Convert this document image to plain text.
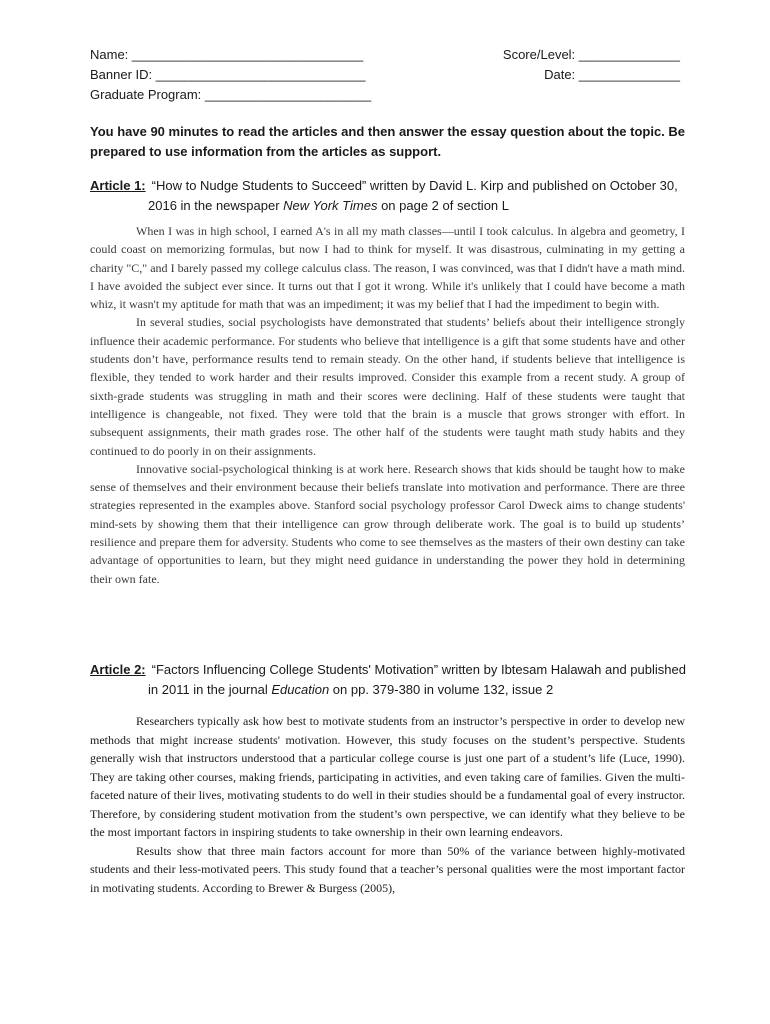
Name: ________________________________
Banner ID: _____________________________
Graduate Program: _______________________
Score/Level: ______________
Date: ______________
You have 90 minutes to read the articles and then answer the essay question about the topic. Be prepared to use information from the articles as support.
Article 1: “How to Nudge Students to Succeed” written by David L. Kirp and published on October 30,
2016 in the newspaper New York Times on page 2 of section L

When I was in high school, I earned A's in all my math classes—until I took calculus. In algebra and geometry, I could coast on memorizing formulas, but now I had to think for myself. It was disastrous, culminating in my getting a charity "C," and I barely passed my college calculus class. The reason, I was convinced, was that I didn't have a math mind. I have avoided the subject ever since. It turns out that I got it wrong. While it's unlikely that I could have become a math whiz, it wasn't my aptitude for math that was an impediment; it was my belief that I had the impediment to begin with.

In several studies, social psychologists have demonstrated that students’ beliefs about their intelligence strongly influence their academic performance. For students who believe that intelligence is a gift that some students have and other students don’t have, performance results tend to remain steady. On the other hand, if students believe that intelligence is flexible, they tended to work harder and their results improved. Consider this example from a recent study. A group of sixth-grade students was struggling in math and their scores were declining. Half of these students were taught that intelligence is changeable, not fixed. They were told that the brain is a muscle that grows stronger with effort. In subsequent assignments, their math grades rose. The other half of the students were taught math study habits and they continued to do poorly in on their assignments.

Innovative social-psychological thinking is at work here. Research shows that kids should be taught how to make sense of themselves and their environment because their beliefs translate into motivation and performance. There are three strategies represented in the examples above. Stanford social psychology professor Carol Dweck aims to change students' mind-sets by showing them that their intelligence can grow through deliberate work. The goal is to build up students’ resilience and prepare them for adversity. Students who come to see themselves as the masters of their own destiny can take advantage of opportunities to learn, but they might need guidance in understanding the power they hold in determining their own fate.

Article 2: “Factors Influencing College Students' Motivation” written by Ibtesam Halawah and published
in 2011 in the journal Education on pp. 379-380 in volume 132, issue 2

Researchers typically ask how best to motivate students from an instructor’s perspective in order to develop new methods that might increase students' motivation. However, this study focuses on the student’s perspective. Students generally wish that instructors understood that a particular college course is just one part of a student’s life (Luce, 1990). They are taking other courses, making friends, participating in activities, and even taking care of families. Given the multi-faceted nature of their lives, motivating students to do well in their studies should be a fundamental goal of every instructor. Therefore, by considering student motivation from the student’s own perspective, we can identify what they believe to be the most important factors in inspiring students to take ownership in their own learning endeavors.

Results show that three main factors account for more than 50% of the variance between highly-motivated students and their less-motivated peers. This study found that a teacher’s personal qualities were the most important factor in motivating students. According to Brewer & Burgess (2005),
